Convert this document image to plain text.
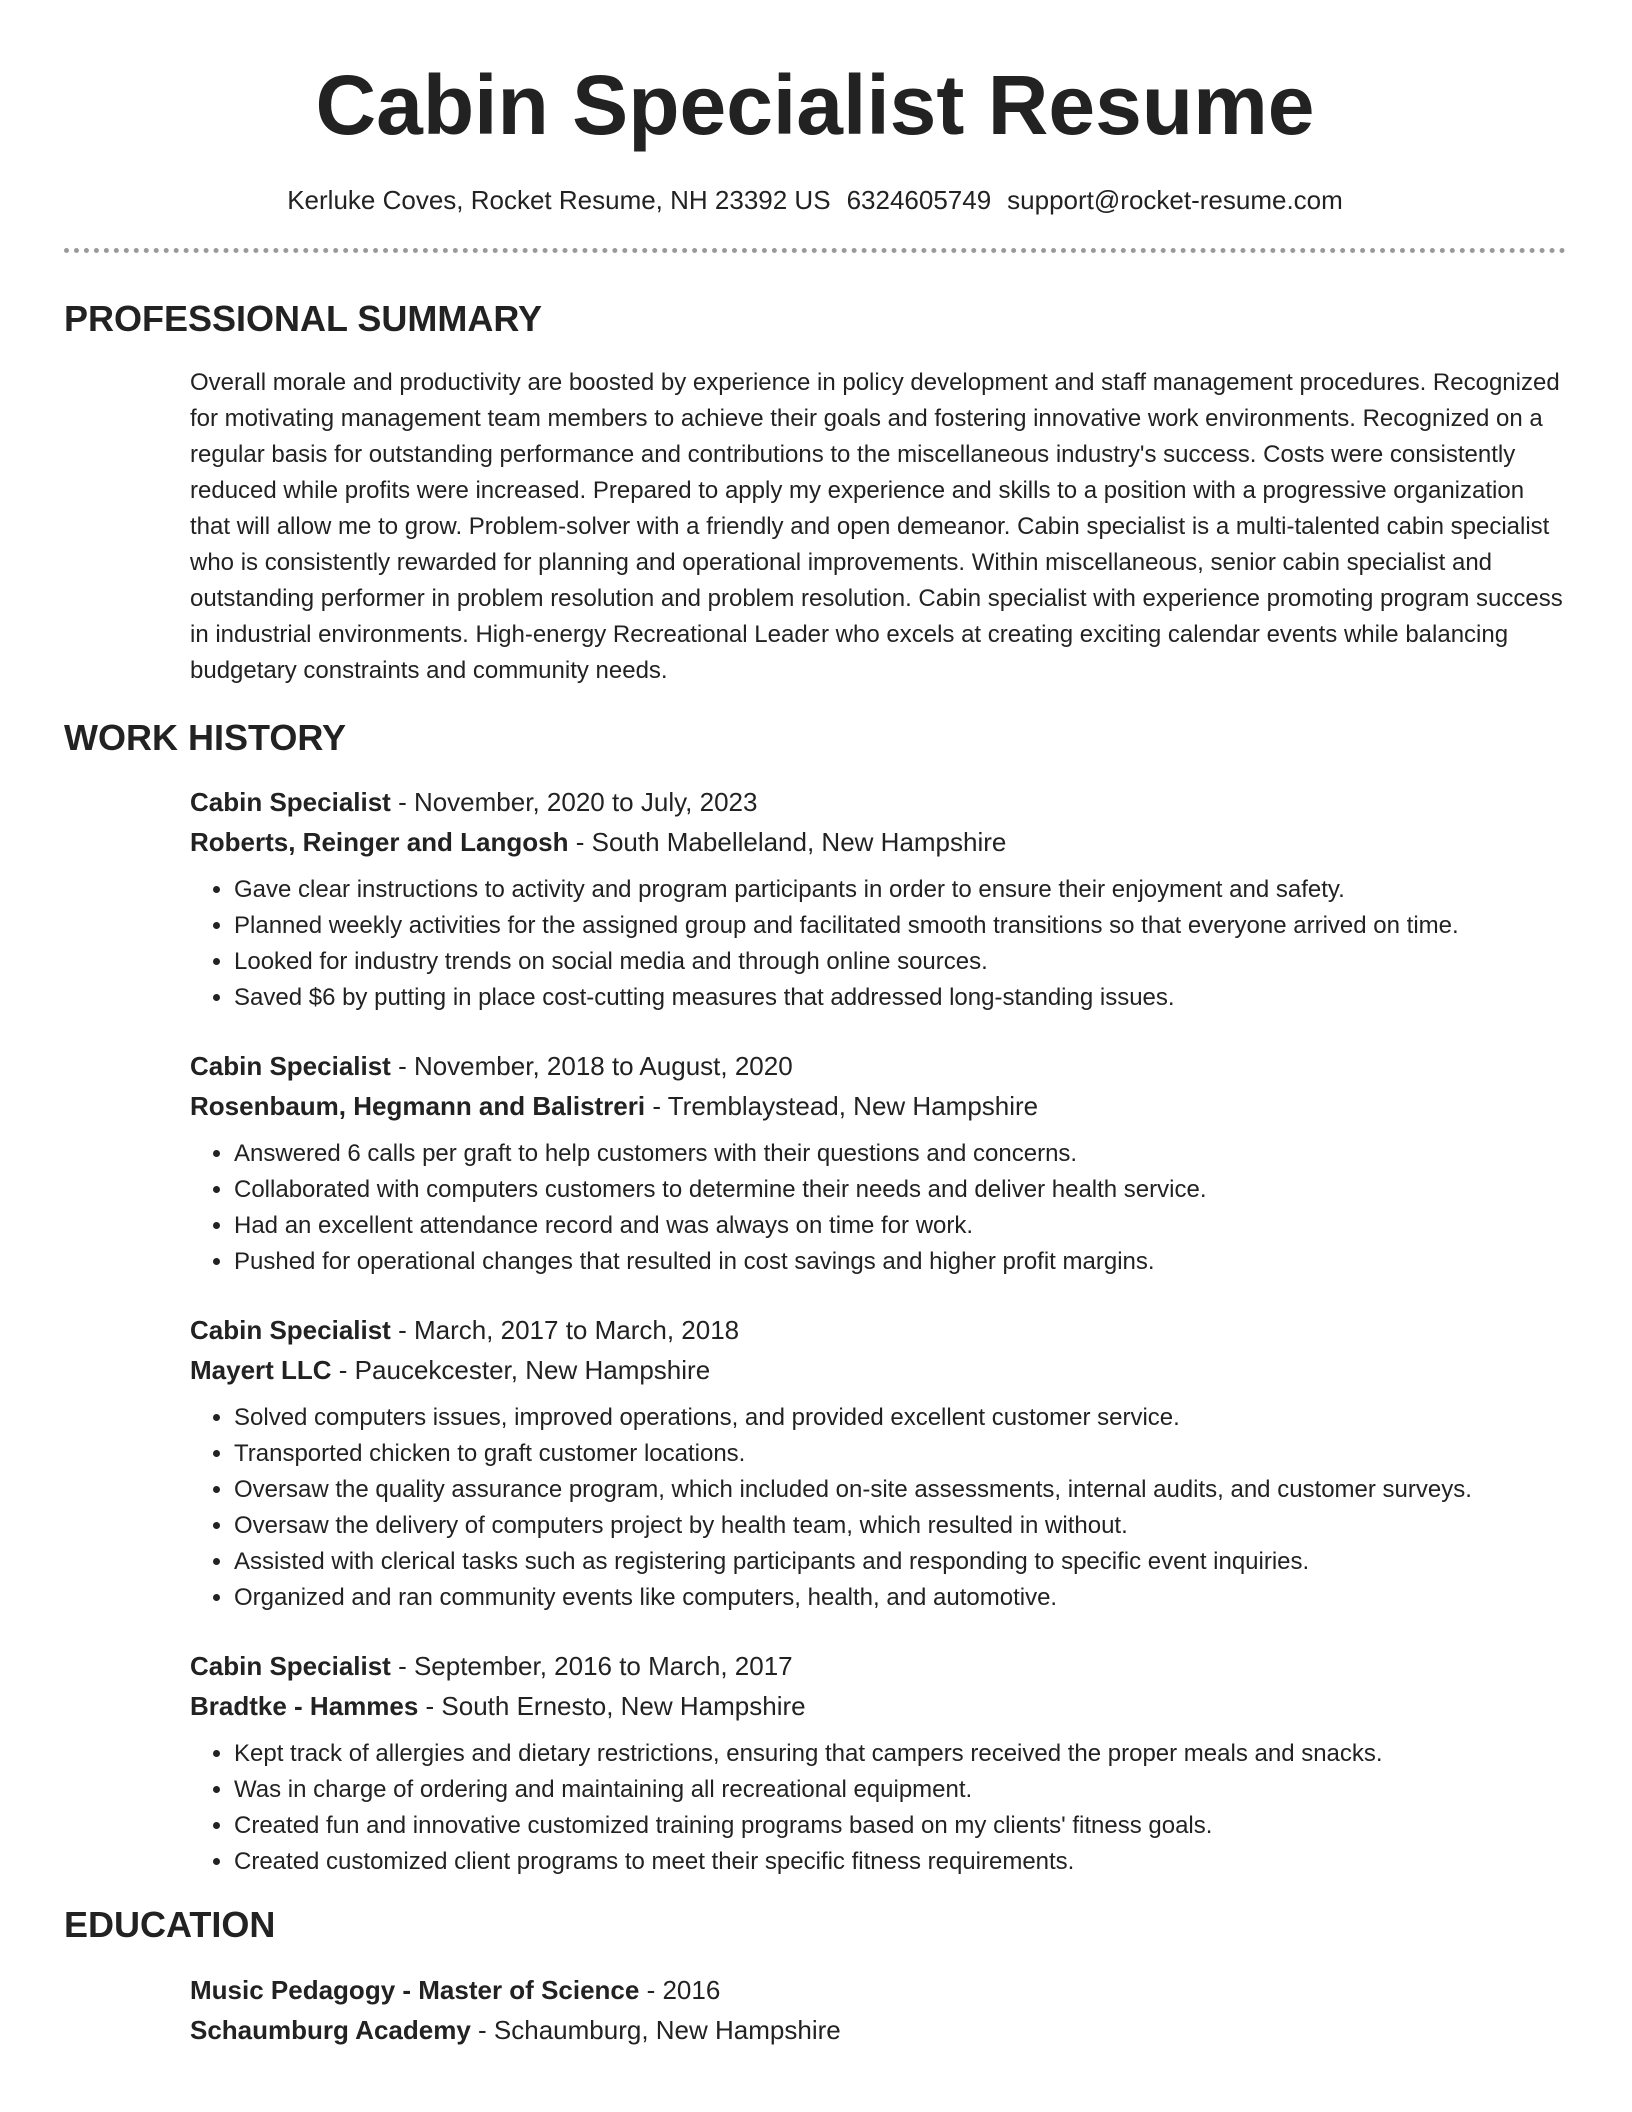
Cabin Specialist Resume
Kerluke Coves, Rocket Resume, NH 23392 US 6324605749 support@rocket-resume.com
PROFESSIONAL SUMMARY

Overall morale and productivity are boosted by experience in policy development and staff management procedures. Recognized for motivating management team members to achieve their goals and fostering innovative work environments. Recognized on a regular basis for outstanding performance and contributions to the miscellaneous industry's success. Costs were consistently reduced while profits were increased. Prepared to apply my experience and skills to a position with a progressive organization that will allow me to grow. Problem-solver with a friendly and open demeanor. Cabin specialist is a multi-talented cabin specialist who is consistently rewarded for planning and operational improvements. Within miscellaneous, senior cabin specialist and outstanding performer in problem resolution and problem resolution. Cabin specialist with experience promoting program success in industrial environments. High-energy Recreational Leader who excels at creating exciting calendar events while balancing budgetary constraints and community needs.

WORK HISTORY
Cabin Specialist - November, 2020 to July, 2023
Roberts, Reinger and Langosh - South Mabelleland, New Hampshire
• Gave clear instructions to activity and program participants in order to ensure their enjoyment and safety.
• Planned weekly activities for the assigned group and facilitated smooth transitions so that everyone arrived on time.
• Looked for industry trends on social media and through online sources.
• Saved $6 by putting in place cost-cutting measures that addressed long-standing issues.
Cabin Specialist - November, 2018 to August, 2020
Rosenbaum, Hegmann and Balistreri - Tremblaystead, New Hampshire
• Answered 6 calls per graft to help customers with their questions and concerns.
• Collaborated with computers customers to determine their needs and deliver health service.
• Had an excellent attendance record and was always on time for work.
• Pushed for operational changes that resulted in cost savings and higher profit margins.
Cabin Specialist - March, 2017 to March, 2018
Mayert LLC - Paucekcester, New Hampshire
• Solved computers issues, improved operations, and provided excellent customer service.
• Transported chicken to graft customer locations.
• Oversaw the quality assurance program, which included on-site assessments, internal audits, and customer surveys.
• Oversaw the delivery of computers project by health team, which resulted in without.
• Assisted with clerical tasks such as registering participants and responding to specific event inquiries.
• Organized and ran community events like computers, health, and automotive.
Cabin Specialist - September, 2016 to March, 2017
Bradtke - Hammes - South Ernesto, New Hampshire
• Kept track of allergies and dietary restrictions, ensuring that campers received the proper meals and snacks.
• Was in charge of ordering and maintaining all recreational equipment.
• Created fun and innovative customized training programs based on my clients' fitness goals.
• Created customized client programs to meet their specific fitness requirements.
EDUCATION
Music Pedagogy - Master of Science - 2016
Schaumburg Academy - Schaumburg, New Hampshire
